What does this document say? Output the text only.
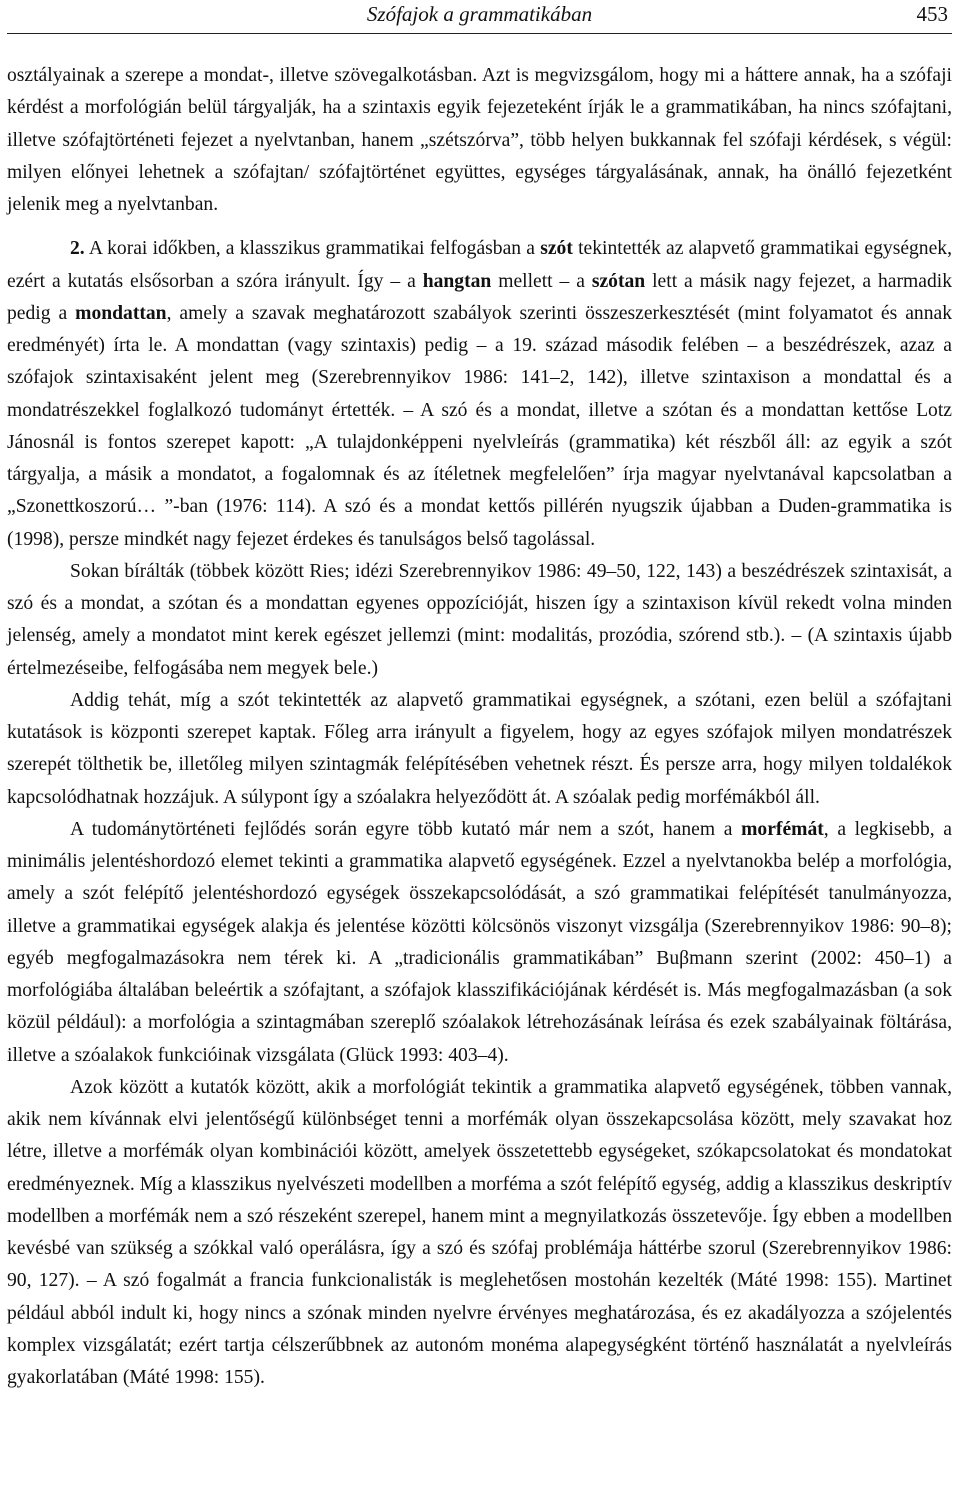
Szófajok a grammatikában	453

osztályainak a szerepe a mondat-, illetve szövegalkotásban. Azt is megvizsgálom, hogy mi a háttere annak, ha a szófaji kérdést a morfológián belül tárgyalják, ha a szintaxis egyik fejezeteként írják le a grammatikában, ha nincs szófajtani, illetve szófajtörténeti fejezet a nyelvtanban, hanem „szétszórva”, több helyen bukkannak fel szófaji kérdések, s végül: milyen előnyei lehetnek a szófajtan/ szófajtörténet együttes, egységes tárgyalásának, annak, ha önálló fejezetként jelenik meg a nyelvtanban.

2. A korai időkben, a klasszikus grammatikai felfogásban a szót tekintették az alapvető grammatikai egységnek, ezért a kutatás elsősorban a szóra irányult. Így – a hangtan mellett – a szótan lett a másik nagy fejezet, a harmadik pedig a mondattan, amely a szavak meghatározott szabályok szerinti összeszerkesztését (mint folyamatot és annak eredményét) írta le. A mondattan (vagy szintaxis) pedig – a 19. század második felében – a beszédrészek, azaz a szófajok szintaxisaként jelent meg (Szerebrennyikov 1986: 141–2, 142), illetve szintaxison a mondattal és a mondatrészekkel foglalkozó tudományt értették. – A szó és a mondat, illetve a szótan és a mondattan kettőse Lotz Jánosnál is fontos szerepet kapott: „A tulajdonképpeni nyelvleírás (grammatika) két részből áll: az egyik a szót tárgyalja, a másik a mondatot, a fogalomnak és az ítéletnek megfelelően” írja magyar nyelvtanával kapcsolatban a „Szonettkoszorú… ”-ban (1976: 114). A szó és a mondat kettős pillérén nyugszik újabban a Duden-grammatika is (1998), persze mindkét nagy fejezet érdekes és tanulságos belső tagolással.

Sokan bírálták (többek között Ries; idézi Szerebrennyikov 1986: 49–50, 122, 143) a beszédrészek szintaxisát, a szó és a mondat, a szótan és a mondattan egyenes oppozícióját, hiszen így a szintaxison kívül rekedt volna minden jelenség, amely a mondatot mint kerek egészet jellemzi (mint: modalitás, prozódia, szórend stb.). – (A szintaxis újabb értelmezéseibe, felfogásába nem megyek bele.)

Addig tehát, míg a szót tekintették az alapvető grammatikai egységnek, a szótani, ezen belül a szófajtani kutatások is központi szerepet kaptak. Főleg arra irányult a figyelem, hogy az egyes szófajok milyen mondatrészek szerepét tölthetik be, illetőleg milyen szintagmák felépítésében vehetnek részt. És persze arra, hogy milyen toldalékok kapcsolódhatnak hozzájuk. A súlypont így a szóalakra helyeződött át. A szóalak pedig morfémákból áll.

A tudománytörténeti fejlődés során egyre több kutató már nem a szót, hanem a morfémát, a legkisebb, a minimális jelentéshordozó elemet tekinti a grammatika alapvető egységének. Ezzel a nyelvtanokba belép a morfológia, amely a szót felépítő jelentéshordozó egységek összekapcsolódását, a szó grammatikai felépítését tanulmányozza, illetve a grammatikai egységek alakja és jelentése közötti kölcsönös viszonyt vizsgálja (Szerebrennyikov 1986: 90–8); egyéb megfogalmazásokra nem térek ki. A „tradicionális grammatikában” Buβmann szerint (2002: 450–1) a morfológiába általában beleértik a szófajtant, a szófajok klasszifikációjának kérdését is. Más megfogalmazásban (a sok közül például): a morfológia a szintagmában szereplő szóalakok létrehozásának leírása és ezek szabályainak föltárása, illetve a szóalakok funkcióinak vizsgálata (Glück 1993: 403–4).

Azok között a kutatók között, akik a morfológiát tekintik a grammatika alapvető egységének, többen vannak, akik nem kívánnak elvi jelentőségű különbséget tenni a morfémák olyan összekapcsolása között, mely szavakat hoz létre, illetve a morfémák olyan kombinációi között, amelyek összetettebb egységeket, szókapcsolatokat és mondatokat eredményeznek. Míg a klasszikus nyelvészeti modellben a morféma a szót felépítő egység, addig a klasszikus deskriptív modellben a morfémák nem a szó részeként szerepel, hanem mint a megnyilatkozás összetevője. Így ebben a modellben kevésbé van szükség a szókkal való operálásra, így a szó és szófaj problémája háttérbe szorul (Szerebrennyikov 1986: 90, 127). – A szó fogalmát a francia funkcionalisták is meglehetősen mostohán kezelték (Máté 1998: 155). Martinet például abból indult ki, hogy nincs a szónak minden nyelvre érvényes meghatározása, és ez akadályozza a szójelentés komplex vizsgálatát; ezért tartja célszerűbbnek az autonóm monéma alapegységként történő használatát a nyelvleírás gyakorlatában (Máté 1998: 155).
